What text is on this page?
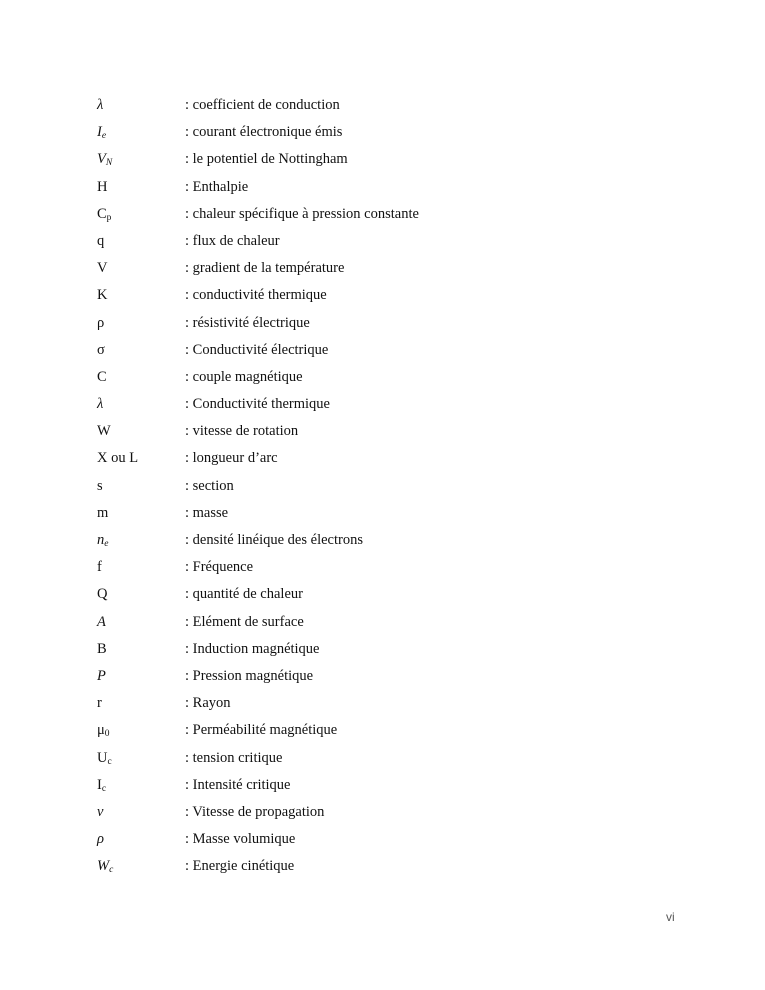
λ	: coefficient de conduction
$I_e$	: courant électronique émis
$V_N$	: le potentiel de Nottingham
H	: Enthalpie
$C_p$	: chaleur spécifique à pression constante
q	: flux de chaleur
V	: gradient de la température
K	: conductivité thermique
ρ	: résistivité électrique
σ	: Conductivité électrique
C	: couple magnétique
λ	: Conductivité thermique
W	: vitesse de rotation
X ou L	: longueur d’arc
s	: section
m	: masse
$n_e$	: densité linéique des électrons
f	: Fréquence
Q	: quantité de chaleur
A	: Elément de surface
B	: Induction magnétique
P	: Pression magnétique
r	: Rayon
$\mu_0$	: Perméabilité magnétique
$U_c$	: tension critique
$I_c$	: Intensité critique
v	: Vitesse de propagation
ρ	: Masse volumique
$W_c$	: Energie cinétique
vi
